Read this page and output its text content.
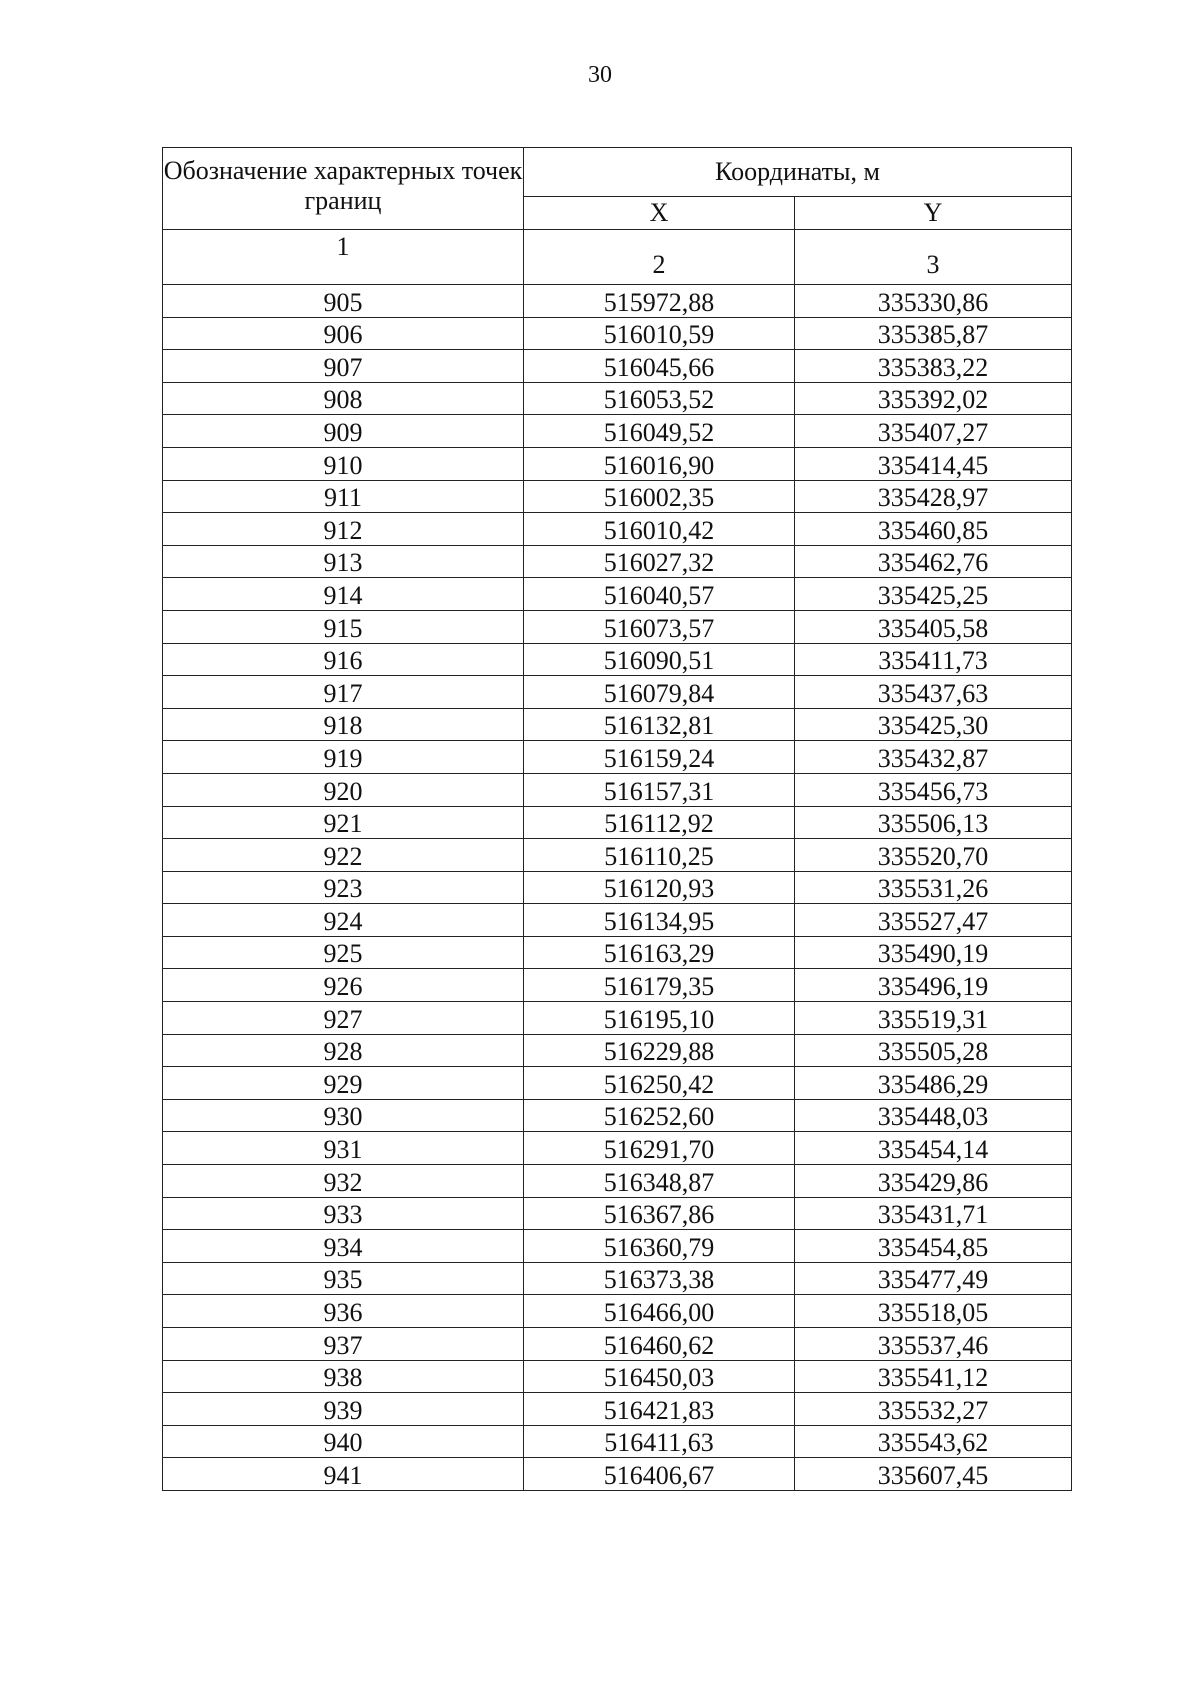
30
Обозначение характерных точек границ	Координаты, м	
	X	Y
1	2	3
905	515972,88	335330,86
906	516010,59	335385,87
907	516045,66	335383,22
908	516053,52	335392,02
909	516049,52	335407,27
910	516016,90	335414,45
911	516002,35	335428,97
912	516010,42	335460,85
913	516027,32	335462,76
914	516040,57	335425,25
915	516073,57	335405,58
916	516090,51	335411,73
917	516079,84	335437,63
918	516132,81	335425,30
919	516159,24	335432,87
920	516157,31	335456,73
921	516112,92	335506,13
922	516110,25	335520,70
923	516120,93	335531,26
924	516134,95	335527,47
925	516163,29	335490,19
926	516179,35	335496,19
927	516195,10	335519,31
928	516229,88	335505,28
929	516250,42	335486,29
930	516252,60	335448,03
931	516291,70	335454,14
932	516348,87	335429,86
933	516367,86	335431,71
934	516360,79	335454,85
935	516373,38	335477,49
936	516466,00	335518,05
937	516460,62	335537,46
938	516450,03	335541,12
939	516421,83	335532,27
940	516411,63	335543,62
941	516406,67	335607,45
